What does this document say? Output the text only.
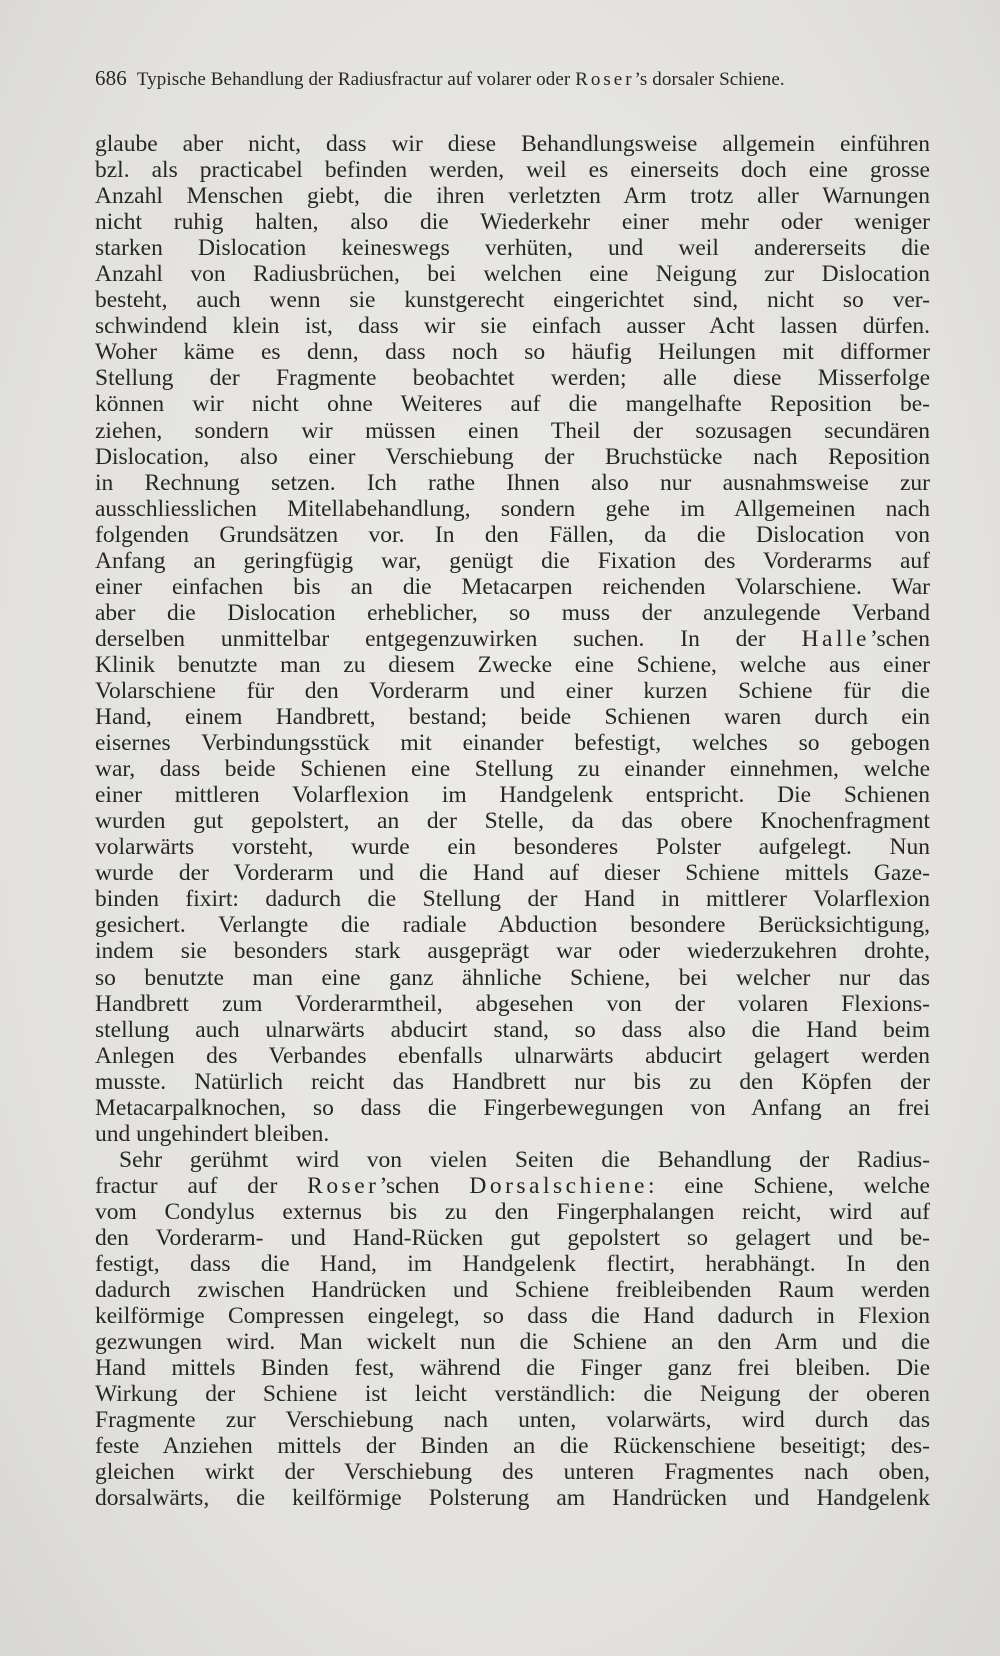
686 Typische Behandlung der Radiusfractur auf volarer oder Roser’s dorsaler Schiene.
glaube aber nicht, dass wir diese Behandlungsweise allgemein einführen
bzl. als practicabel befinden werden, weil es einerseits doch eine grosse
Anzahl Menschen giebt, die ihren verletzten Arm trotz aller Warnungen
nicht ruhig halten, also die Wiederkehr einer mehr oder weniger
starken Dislocation keineswegs verhüten, und weil andererseits die
Anzahl von Radiusbrüchen, bei welchen eine Neigung zur Dislocation
besteht, auch wenn sie kunstgerecht eingerichtet sind, nicht so ver-
schwindend klein ist, dass wir sie einfach ausser Acht lassen dürfen.
Woher käme es denn, dass noch so häufig Heilungen mit difformer
Stellung der Fragmente beobachtet werden; alle diese Misserfolge
können wir nicht ohne Weiteres auf die mangelhafte Reposition be-
ziehen, sondern wir müssen einen Theil der sozusagen secundären
Dislocation, also einer Verschiebung der Bruchstücke nach Reposition
in Rechnung setzen. Ich rathe Ihnen also nur ausnahmsweise zur
ausschliesslichen Mitellabehandlung, sondern gehe im Allgemeinen nach
folgenden Grundsätzen vor. In den Fällen, da die Dislocation von
Anfang an geringfügig war, genügt die Fixation des Vorderarms auf
einer einfachen bis an die Metacarpen reichenden Volarschiene. War
aber die Dislocation erheblicher, so muss der anzulegende Verband
derselben unmittelbar entgegenzuwirken suchen. In der Halle’schen
Klinik benutzte man zu diesem Zwecke eine Schiene, welche aus einer
Volarschiene für den Vorderarm und einer kurzen Schiene für die
Hand, einem Handbrett, bestand; beide Schienen waren durch ein
eisernes Verbindungsstück mit einander befestigt, welches so gebogen
war, dass beide Schienen eine Stellung zu einander einnehmen, welche
einer mittleren Volarflexion im Handgelenk entspricht. Die Schienen
wurden gut gepolstert, an der Stelle, da das obere Knochenfragment
volarwärts vorsteht, wurde ein besonderes Polster aufgelegt. Nun
wurde der Vorderarm und die Hand auf dieser Schiene mittels Gaze-
binden fixirt: dadurch die Stellung der Hand in mittlerer Volarflexion
gesichert. Verlangte die radiale Abduction besondere Berücksichtigung,
indem sie besonders stark ausgeprägt war oder wiederzukehren drohte,
so benutzte man eine ganz ähnliche Schiene, bei welcher nur das
Handbrett zum Vorderarmtheil, abgesehen von der volaren Flexions-
stellung auch ulnarwärts abducirt stand, so dass also die Hand beim
Anlegen des Verbandes ebenfalls ulnarwärts abducirt gelagert werden
musste. Natürlich reicht das Handbrett nur bis zu den Köpfen der
Metacarpalknochen, so dass die Fingerbewegungen von Anfang an frei
und ungehindert bleiben.
Sehr gerühmt wird von vielen Seiten die Behandlung der Radius-
fractur auf der Roser’schen Dorsalschiene: eine Schiene, welche
vom Condylus externus bis zu den Fingerphalangen reicht, wird auf
den Vorderarm- und Hand-Rücken gut gepolstert so gelagert und be-
festigt, dass die Hand, im Handgelenk flectirt, herabhängt. In den
dadurch zwischen Handrücken und Schiene freibleibenden Raum werden
keilförmige Compressen eingelegt, so dass die Hand dadurch in Flexion
gezwungen wird. Man wickelt nun die Schiene an den Arm und die
Hand mittels Binden fest, während die Finger ganz frei bleiben. Die
Wirkung der Schiene ist leicht verständlich: die Neigung der oberen
Fragmente zur Verschiebung nach unten, volarwärts, wird durch das
feste Anziehen mittels der Binden an die Rückenschiene beseitigt; des-
gleichen wirkt der Verschiebung des unteren Fragmentes nach oben,
dorsalwärts, die keilförmige Polsterung am Handrücken und Handgelenk
